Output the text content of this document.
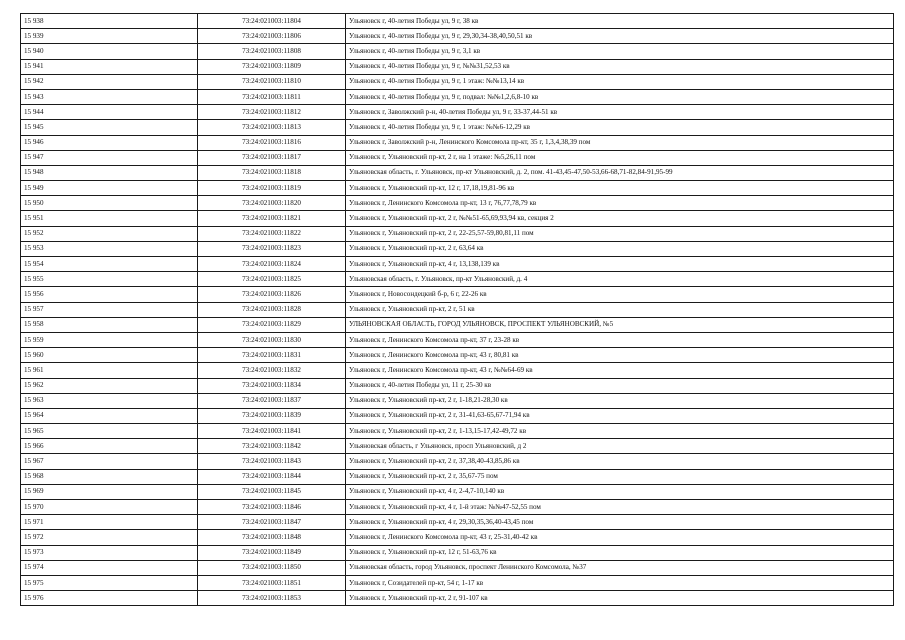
15 938	73:24:021003:11804	Ульяновск г, 40-летия Победы ул, 9 г, 38 кв
15 939	73:24:021003:11806	Ульяновск г, 40-летия Победы ул, 9 г, 29,30,34-38,40,50,51 кв
15 940	73:24:021003:11808	Ульяновск г, 40-летия Победы ул, 9 г, 3,1 кв
15 941	73:24:021003:11809	Ульяновск г, 40-летия Победы ул, 9 г, №№31,52,53 кв
15 942	73:24:021003:11810	Ульяновск г, 40-летия Победы ул, 9 г, 1 этаж: №№13,14 кв
15 943	73:24:021003:11811	Ульяновск г, 40-летия Победы ул, 9 г, подвал: №№1,2,6,8-10 кв
15 944	73:24:021003:11812	Ульяновск г, Заволжский р-н, 40-летия Победы ул, 9 г, 33-37,44-51 кв
15 945	73:24:021003:11813	Ульяновск г, 40-летия Победы ул, 9 г, 1 этаж: №№6-12,29 кв
15 946	73:24:021003:11816	Ульяновск г, Заволжский р-н, Ленинского Комсомола пр-кт, 35 г, 1,3,4,38,39 пом
15 947	73:24:021003:11817	Ульяновск г, Ульяновский пр-кт, 2 г, на 1 этаже: №5,26,11 пом
15 948	73:24:021003:11818	Ульяновская область, г. Ульяновск, пр-кт Ульяновский, д. 2, пом. 41-43,45-47,50-53,66-68,71-82,84-91,95-99
15 949	73:24:021003:11819	Ульяновск г, Ульяновский пр-кт, 12 г, 17,18,19,81-96 кв
15 950	73:24:021003:11820	Ульяновск г, Ленинского Комсомола пр-кт, 13 г, 76,77,78,79 кв
15 951	73:24:021003:11821	Ульяновск г, Ульяновский пр-кт, 2 г, №№51-65,69,93,94 кв, секция 2
15 952	73:24:021003:11822	Ульяновск г, Ульяновский пр-кт, 2 г, 22-25,57-59,80,81,11 пом
15 953	73:24:021003:11823	Ульяновск г, Ульяновский пр-кт, 2 г, 63,64 кв
15 954	73:24:021003:11824	Ульяновск г, Ульяновский пр-кт, 4 г, 13,138,139 кв
15 955	73:24:021003:11825	Ульяновская область, г. Ульяновск, пр-кт Ульяновский, д. 4
15 956	73:24:021003:11826	Ульяновск г, Новосондецкий б-р, 6 г, 22-26 кв
15 957	73:24:021003:11828	Ульяновск г, Ульяновский пр-кт, 2 г, 51 кв
15 958	73:24:021003:11829	УЛЬЯНОВСКАЯ ОБЛАСТЬ, ГОРОД УЛЬЯНОВСК, ПРОСПЕКТ УЛЬЯНОВСКИЙ, №5
15 959	73:24:021003:11830	Ульяновск г, Ленинского Комсомола пр-кт, 37 г, 23-28 кв
15 960	73:24:021003:11831	Ульяновск г, Ленинского Комсомола пр-кт, 43 г, 80,81 кв
15 961	73:24:021003:11832	Ульяновск г, Ленинского Комсомола пр-кт, 43 г, №№64-69 кв
15 962	73:24:021003:11834	Ульяновск г, 40-летия Победы ул, 11 г, 25-30 кв
15 963	73:24:021003:11837	Ульяновск г, Ульяновский пр-кт, 2 г, 1-18,21-28,30 кв
15 964	73:24:021003:11839	Ульяновск г, Ульяновский пр-кт, 2 г, 31-41,63-65,67-71,94 кв
15 965	73:24:021003:11841	Ульяновск г, Ульяновский пр-кт, 2 г, 1-13,15-17,42-49,72 кв
15 966	73:24:021003:11842	Ульяновская область, г Ульяновск, просп Ульяновский, д 2
15 967	73:24:021003:11843	Ульяновск г, Ульяновский пр-кт, 2 г, 37,38,40-43,85,86 кв
15 968	73:24:021003:11844	Ульяновск г, Ульяновский пр-кт, 2 г, 35,67-75 пом
15 969	73:24:021003:11845	Ульяновск г, Ульяновский пр-кт, 4 г, 2-4,7-10,140 кв
15 970	73:24:021003:11846	Ульяновск г, Ульяновский пр-кт, 4 г, 1-й этаж: №№47-52,55 пом
15 971	73:24:021003:11847	Ульяновск г, Ульяновский пр-кт, 4 г, 29,30,35,36,40-43,45 пом
15 972	73:24:021003:11848	Ульяновск г, Ленинского Комсомола пр-кт, 43 г, 25-31,40-42 кв
15 973	73:24:021003:11849	Ульяновск г, Ульяновский пр-кт, 12 г, 51-63,76 кв
15 974	73:24:021003:11850	Ульяновская область, город Ульяновск, проспект Ленинского Комсомола, №37
15 975	73:24:021003:11851	Ульяновск г, Созидателей пр-кт, 54 г, 1-17 кв
15 976	73:24:021003:11853	Ульяновск г, Ульяновский пр-кт, 2 г, 91-107 кв
